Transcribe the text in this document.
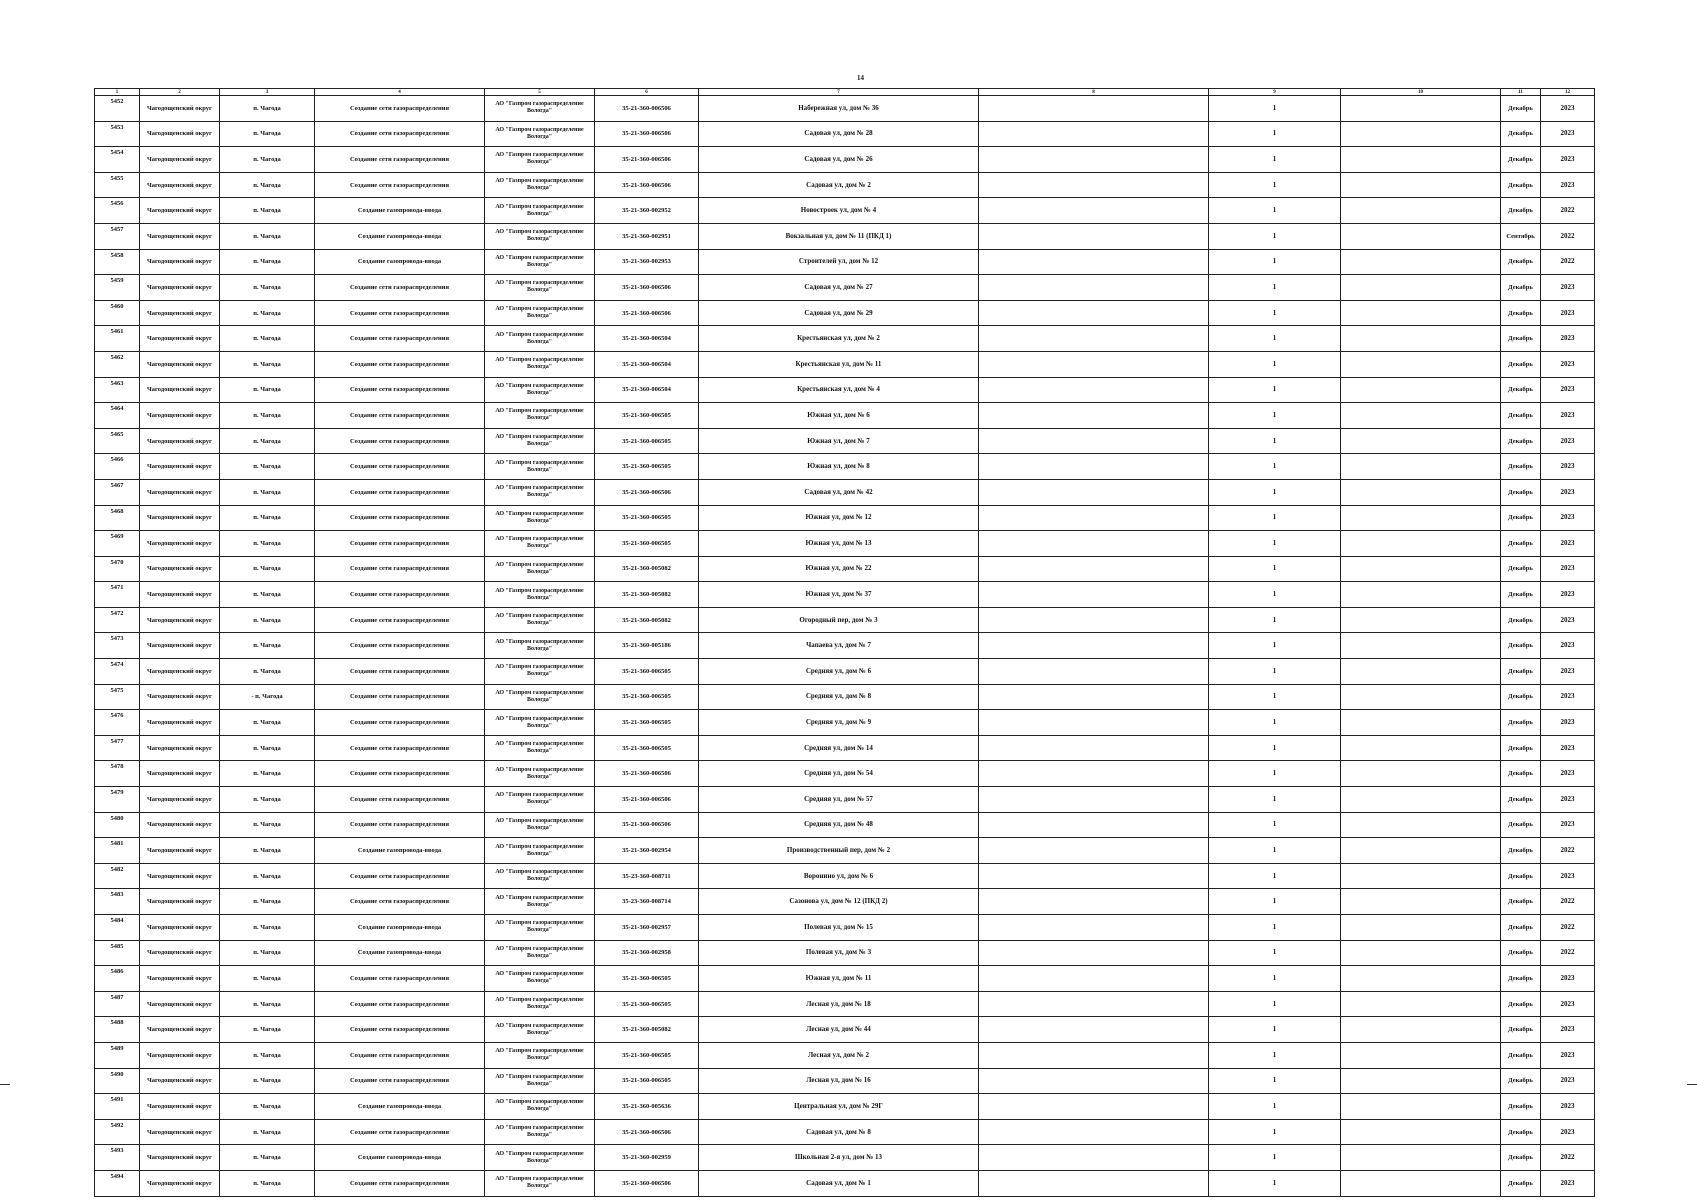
14
1	2	3	4	5	6	7	8	9	10	11	12
5452	Чагодощенский округ	п. Чагода	Создание сети газораспределения	АО "Газпром газораспределение Вологда"	35-21-360-006506	Набережная ул, дом № 36		1		Декабрь	2023
5453	Чагодощенский округ	п. Чагода	Создание сети газораспределения	АО "Газпром газораспределение Вологда"	35-21-360-006506	Садовая ул, дом № 28		1		Декабрь	2023
5454	Чагодощенский округ	п. Чагода	Создание сети газораспределения	АО "Газпром газораспределение Вологда"	35-21-360-006506	Садовая ул, дом № 26		1		Декабрь	2023
5455	Чагодощенский округ	п. Чагода	Создание сети газораспределения	АО "Газпром газораспределение Вологда"	35-21-360-006506	Садовая ул, дом № 2		1		Декабрь	2023
5456	Чагодощенский округ	п. Чагода	Создание газопровода-ввода	АО "Газпром газораспределение Вологда"	35-21-360-002952	Новостроек ул, дом № 4		1		Декабрь	2022
5457	Чагодощенский округ	п. Чагода	Создание газопровода-ввода	АО "Газпром газораспределение Вологда"	35-21-360-002951	Вокзальная ул, дом № 11 (ПКД 1)		1		Сентябрь	2022
5458	Чагодощенский округ	п. Чагода	Создание газопровода-ввода	АО "Газпром газораспределение Вологда"	35-21-360-002953	Строителей ул, дом № 12		1		Декабрь	2022
5459	Чагодощенский округ	п. Чагода	Создание сети газораспределения	АО "Газпром газораспределение Вологда"	35-21-360-006506	Садовая ул, дом № 27		1		Декабрь	2023
5460	Чагодощенский округ	п. Чагода	Создание сети газораспределения	АО "Газпром газораспределение Вологда"	35-21-360-006506	Садовая ул, дом № 29		1		Декабрь	2023
5461	Чагодощенский округ	п. Чагода	Создание сети газораспределения	АО "Газпром газораспределение Вологда"	35-21-360-006504	Крестьянская ул, дом № 2		1		Декабрь	2023
5462	Чагодощенский округ	п. Чагода	Создание сети газораспределения	АО "Газпром газораспределение Вологда"	35-21-360-006504	Крестьянская ул, дом № 11		1		Декабрь	2023
5463	Чагодощенский округ	п. Чагода	Создание сети газораспределения	АО "Газпром газораспределение Вологда"	35-21-360-006504	Крестьянская ул, дом № 4		1		Декабрь	2023
5464	Чагодощенский округ	п. Чагода	Создание сети газораспределения	АО "Газпром газораспределение Вологда"	35-21-360-006505	Южная ул, дом № 6		1		Декабрь	2023
5465	Чагодощенский округ	п. Чагода	Создание сети газораспределения	АО "Газпром газораспределение Вологда"	35-21-360-006505	Южная ул, дом № 7		1		Декабрь	2023
5466	Чагодощенский округ	п. Чагода	Создание сети газораспределения	АО "Газпром газораспределение Вологда"	35-21-360-006505	Южная ул, дом № 8		1		Декабрь	2023
5467	Чагодощенский округ	п. Чагода	Создание сети газораспределения	АО "Газпром газораспределение Вологда"	35-21-360-006506	Садовая ул, дом № 42		1		Декабрь	2023
5468	Чагодощенский округ	п. Чагода	Создание сети газораспределения	АО "Газпром газораспределение Вологда"	35-21-360-006505	Южная ул, дом № 12		1		Декабрь	2023
5469	Чагодощенский округ	п. Чагода	Создание сети газораспределения	АО "Газпром газораспределение Вологда"	35-21-360-006505	Южная ул, дом № 13		1		Декабрь	2023
5470	Чагодощенский округ	п. Чагода	Создание сети газораспределения	АО "Газпром газораспределение Вологда"	35-21-360-005082	Южная ул, дом № 22		1		Декабрь	2023
5471	Чагодощенский округ	п. Чагода	Создание сети газораспределения	АО "Газпром газораспределение Вологда"	35-21-360-005082	Южная ул, дом № 37		1		Декабрь	2023
5472	Чагодощенский округ	п. Чагода	Создание сети газораспределения	АО "Газпром газораспределение Вологда"	35-21-360-005082	Огородный пер, дом № 3		1		Декабрь	2023
5473	Чагодощенский округ	п. Чагода	Создание сети газораспределения	АО "Газпром газораспределение Вологда"	35-21-360-005186	Чапаева ул, дом № 7		1		Декабрь	2023
5474	Чагодощенский округ	п. Чагода	Создание сети газораспределения	АО "Газпром газораспределение Вологда"	35-21-360-006505	Средняя ул, дом № 6		1		Декабрь	2023
5475	Чагодощенский округ	- п. Чагода	Создание сети газораспределения	АО "Газпром газораспределение Вологда"	35-21-360-006505	Средняя ул, дом № 8		1		Декабрь	2023
5476	Чагодощенский округ	п. Чагода	Создание сети газораспределения	АО "Газпром газораспределение Вологда"	35-21-360-006505	Средняя ул, дом № 9		1		Декабрь	2023
5477	Чагодощенский округ	п. Чагода	Создание сети газораспределения	АО "Газпром газораспределение Вологда"	35-21-360-006505	Средняя ул, дом № 14		1		Декабрь	2023
5478	Чагодощенский округ	п. Чагода	Создание сети газораспределения	АО "Газпром газораспределение Вологда"	35-21-360-006506	Средняя ул, дом № 54		1		Декабрь	2023
5479	Чагодощенский округ	п. Чагода	Создание сети газораспределения	АО "Газпром газораспределение Вологда"	35-21-360-006506	Средняя ул, дом № 57		1		Декабрь	2023
5480	Чагодощенский округ	п. Чагода	Создание сети газораспределения	АО "Газпром газораспределение Вологда"	35-21-360-006506	Средняя ул, дом № 48		1		Декабрь	2023
5481	Чагодощенский округ	п. Чагода	Создание газопровода-ввода	АО "Газпром газораспределение Вологда"	35-21-360-002954	Производственный пер, дом № 2		1		Декабрь	2022
5482	Чагодощенский округ	п. Чагода	Создание сети газораспределения	АО "Газпром газораспределение Вологда"	35-23-360-008711	Воронино ул, дом № 6		1		Декабрь	2023
5483	Чагодощенский округ	п. Чагода	Создание сети газораспределения	АО "Газпром газораспределение Вологда"	35-23-360-008714	Сазонова ул, дом № 12 (ПКД 2)		1		Декабрь	2022
5484	Чагодощенский округ	п. Чагода	Создание газопровода-ввода	АО "Газпром газораспределение Вологда"	35-21-360-002957	Полевая ул, дом № 15		1		Декабрь	2022
5485	Чагодощенский округ	п. Чагода	Создание газопровода-ввода	АО "Газпром газораспределение Вологда"	35-21-360-002958	Полевая ул, дом № 3		1		Декабрь	2022
5486	Чагодощенский округ	п. Чагода	Создание сети газораспределения	АО "Газпром газораспределение Вологда"	35-21-360-006505	Южная ул, дом № 11		1		Декабрь	2023
5487	Чагодощенский округ	п. Чагода	Создание сети газораспределения	АО "Газпром газораспределение Вологда"	35-21-360-006505	Лесная ул, дом № 18		1		Декабрь	2023
5488	Чагодощенский округ	п. Чагода	Создание сети газораспределения	АО "Газпром газораспределение Вологда"	35-21-360-005082	Лесная ул, дом № 44		1		Декабрь	2023
5489	Чагодощенский округ	п. Чагода	Создание сети газораспределения	АО "Газпром газораспределение Вологда"	35-21-360-006505	Лесная ул, дом № 2		1		Декабрь	2023
5490	Чагодощенский округ	п. Чагода	Создание сети газораспределения	АО "Газпром газораспределение Вологда"	35-21-360-006505	Лесная ул, дом № 16		1		Декабрь	2023
5491	Чагодощенский округ	п. Чагода	Создание газопровода-ввода	АО "Газпром газораспределение Вологда"	35-21-360-005636	Центральная ул, дом № 29Г		1		Декабрь	2023
5492	Чагодощенский округ	п. Чагода	Создание сети газораспределения	АО "Газпром газораспределение Вологда"	35-21-360-006506	Садовая ул, дом № 8		1		Декабрь	2023
5493	Чагодощенский округ	п. Чагода	Создание газопровода-ввода	АО "Газпром газораспределение Вологда"	35-21-360-002959	Школьная 2-я ул, дом № 13		1		Декабрь	2022
5494	Чагодощенский округ	п. Чагода	Создание сети газораспределения	АО "Газпром газораспределение Вологда"	35-21-360-006506	Садовая ул, дом № 1		1		Декабрь	2023
